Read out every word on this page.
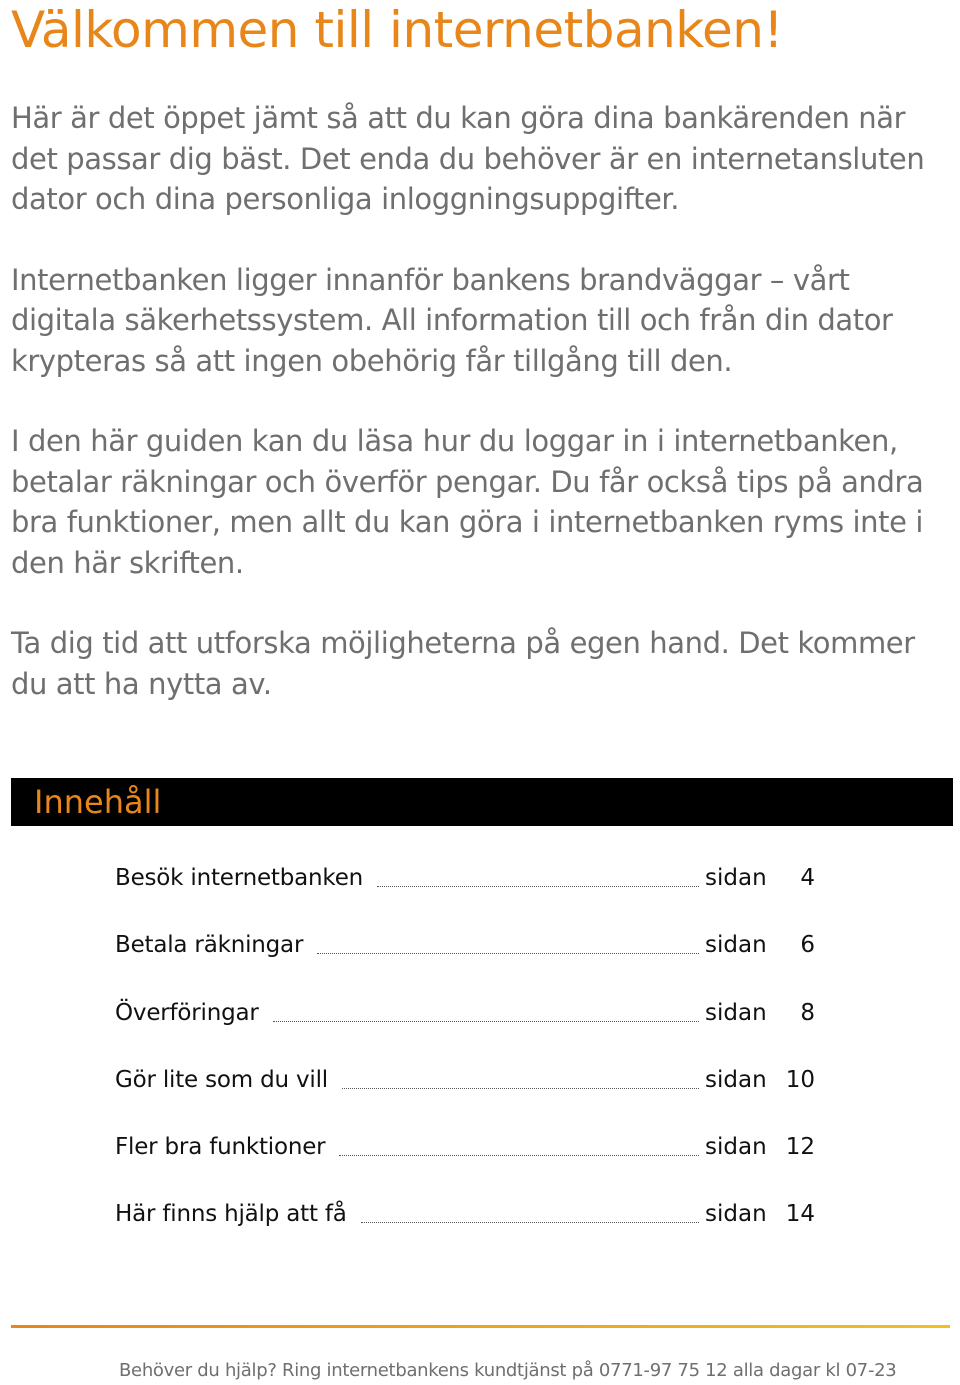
Välkommen till internetbanken!

Här är det öppet jämt så att du kan göra dina bankärenden när det passar dig bäst. Det enda du behöver är en internetansluten dator och dina personliga inloggningsuppgifter.

Internetbanken ligger innanför bankens brandväggar – vårt digitala säkerhetssystem. All information till och från din dator krypteras så att ingen obehörig får tillgång till den.

I den här guiden kan du läsa hur du loggar in i internetbanken, betalar räkningar och överför pengar. Du får också tips på andra bra funktioner, men allt du kan göra i internetbanken ryms inte i den här skriften.

Ta dig tid att utforska möjligheterna på egen hand. Det kommer du att ha nytta av.

Innehåll
Besök internetbanken	sidan	4
Betala räkningar	sidan	6
Överföringar	sidan	8
Gör lite som du vill	sidan 10
Fler bra funktioner	sidan 12
Här finns hjälp att få	sidan 14
Behöver du hjälp? Ring internetbankens kundtjänst på 0771-97 75 12 alla dagar kl 07-23
